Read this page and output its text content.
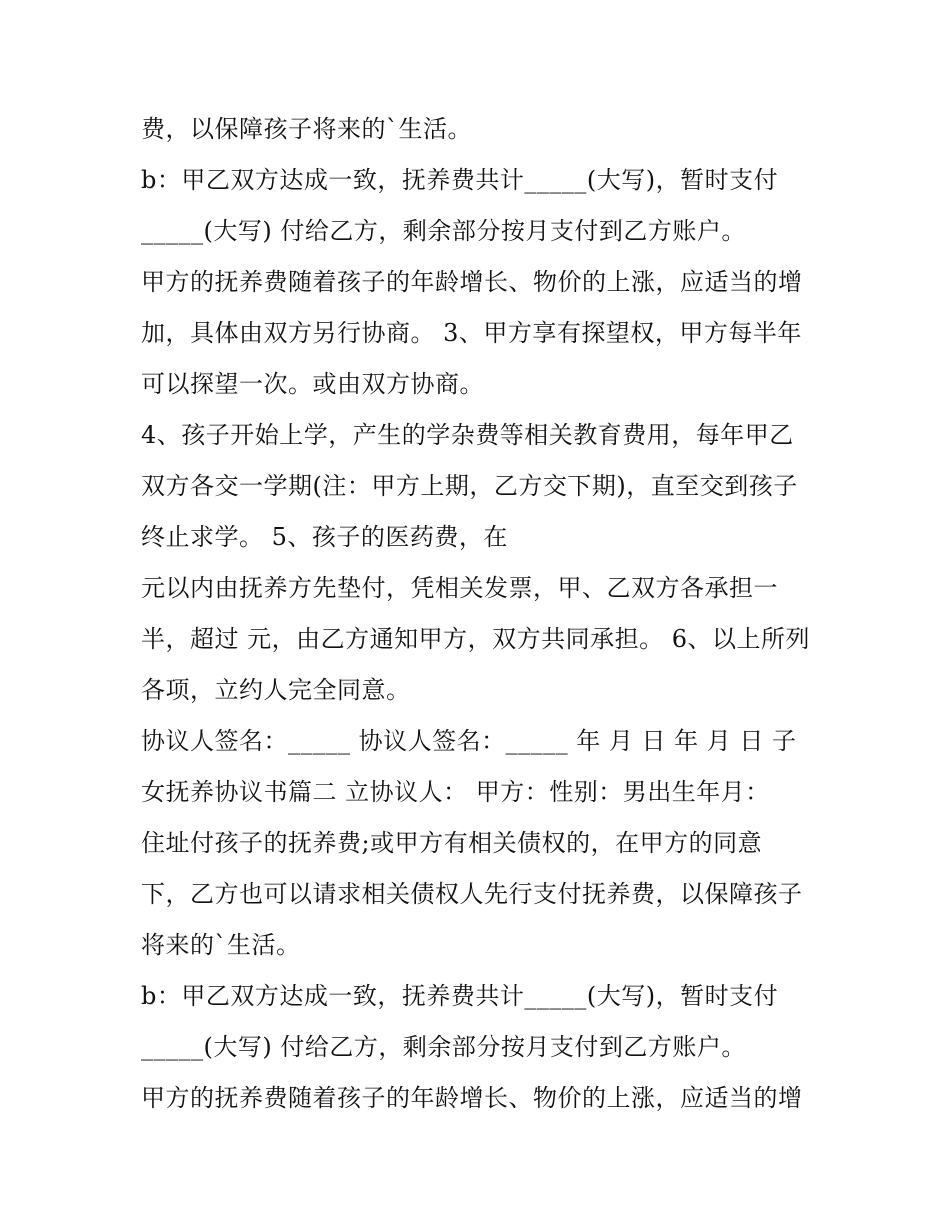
费，以保障孩子将来的`生活。
b：甲乙双方达成一致，抚养费共计_____(大写)，暂时支付
_____(大写) 付给乙方，剩余部分按月支付到乙方账户。
甲方的抚养费随着孩子的年龄增长、物价的上涨，应适当的增
加，具体由双方另行协商。 3、甲方享有探望权，甲方每半年
可以探望一次。或由双方协商。
4、孩子开始上学，产生的学杂费等相关教育费用，每年甲乙
双方各交一学期(注：甲方上期，乙方交下期)，直至交到孩子
终止求学。 5、孩子的医药费，在
元以内由抚养方先垫付，凭相关发票，甲、乙双方各承担一
半，超过 元，由乙方通知甲方，双方共同承担。 6、以上所列
各项，立约人完全同意。
协议人签名：_____ 协议人签名：_____ 年 月 日 年 月 日 子
女抚养协议书篇二 立协议人： 甲方：性别：男出生年月：
住址付孩子的抚养费;或甲方有相关债权的，在甲方的同意
下，乙方也可以请求相关债权人先行支付抚养费，以保障孩子
将来的`生活。
b：甲乙双方达成一致，抚养费共计_____(大写)，暂时支付
_____(大写) 付给乙方，剩余部分按月支付到乙方账户。
甲方的抚养费随着孩子的年龄增长、物价的上涨，应适当的增
